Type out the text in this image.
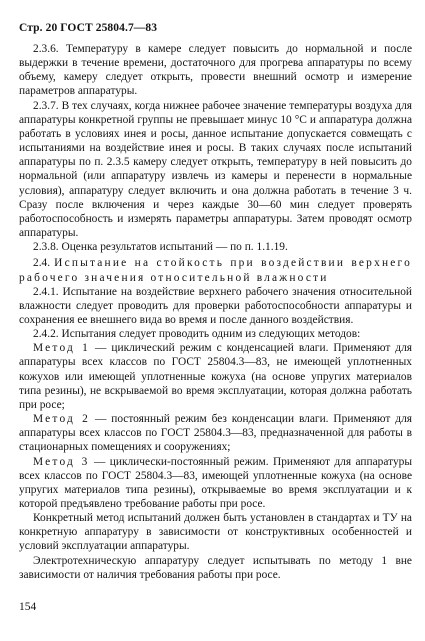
Стр. 20 ГОСТ 25804.7—83

2.3.6. Температуру в камере следует повысить до нормальной и после выдержки в течение времени, достаточного для прогрева аппаратуры по всему объему, камеру следует открыть, провести внешний осмотр и измерение параметров аппаратуры.

2.3.7. В тех случаях, когда нижнее рабочее значение температуры воздуха для аппаратуры конкретной группы не превышает минус 10 °С и аппаратура должна работать в условиях инея и росы, данное испытание допускается совмещать с испытаниями на воздействие инея и росы. В таких случаях после испытаний аппаратуры по п. 2.3.5 камеру следует открыть, температуру в ней повысить до нормальной (или аппаратуру извлечь из камеры и перенести в нормальные условия), аппаратуру следует включить и она должна работать в течение 3 ч. Сразу после включения и через каждые 30—60 мин следует проверять работоспособность и измерять параметры аппаратуры. Затем проводят осмотр аппаратуры.

2.3.8. Оценка результатов испытаний — по п. 1.1.19.

2.4. Испытание на стойкость при воздействии верхнего рабочего значения относительной влажности

2.4.1. Испытание на воздействие верхнего рабочего значения относительной влажности следует проводить для проверки работоспособности аппаратуры и сохранения ее внешнего вида во время и после данного воздействия.

2.4.2. Испытания следует проводить одним из следующих методов:

Метод 1 — циклический режим с конденсацией влаги. Применяют для аппаратуры всех классов по ГОСТ 25804.3—83, не имеющей уплотненных кожухов или имеющей уплотненные кожуха (на основе упругих материалов типа резины), не вскрываемой во время эксплуатации, которая должна работать при росе;

Метод 2 — постоянный режим без конденсации влаги. Применяют для аппаратуры всех классов по ГОСТ 25804.3—83, предназначенной для работы в стационарных помещениях и сооружениях;

Метод 3 — циклически-постоянный режим. Применяют для аппаратуры всех классов по ГОСТ 25804.3—83, имеющей уплотненные кожуха (на основе упругих материалов типа резины), открываемые во время эксплуатации и к которой предъявлено требование работы при росе.

Конкретный метод испытаний должен быть установлен в стандартах и ТУ на конкретную аппаратуру в зависимости от конструктивных особенностей и условий эксплуатации аппаратуры.

Электротехническую аппаратуру следует испытывать по методу 1 вне зависимости от наличия требования работы при росе.

154
